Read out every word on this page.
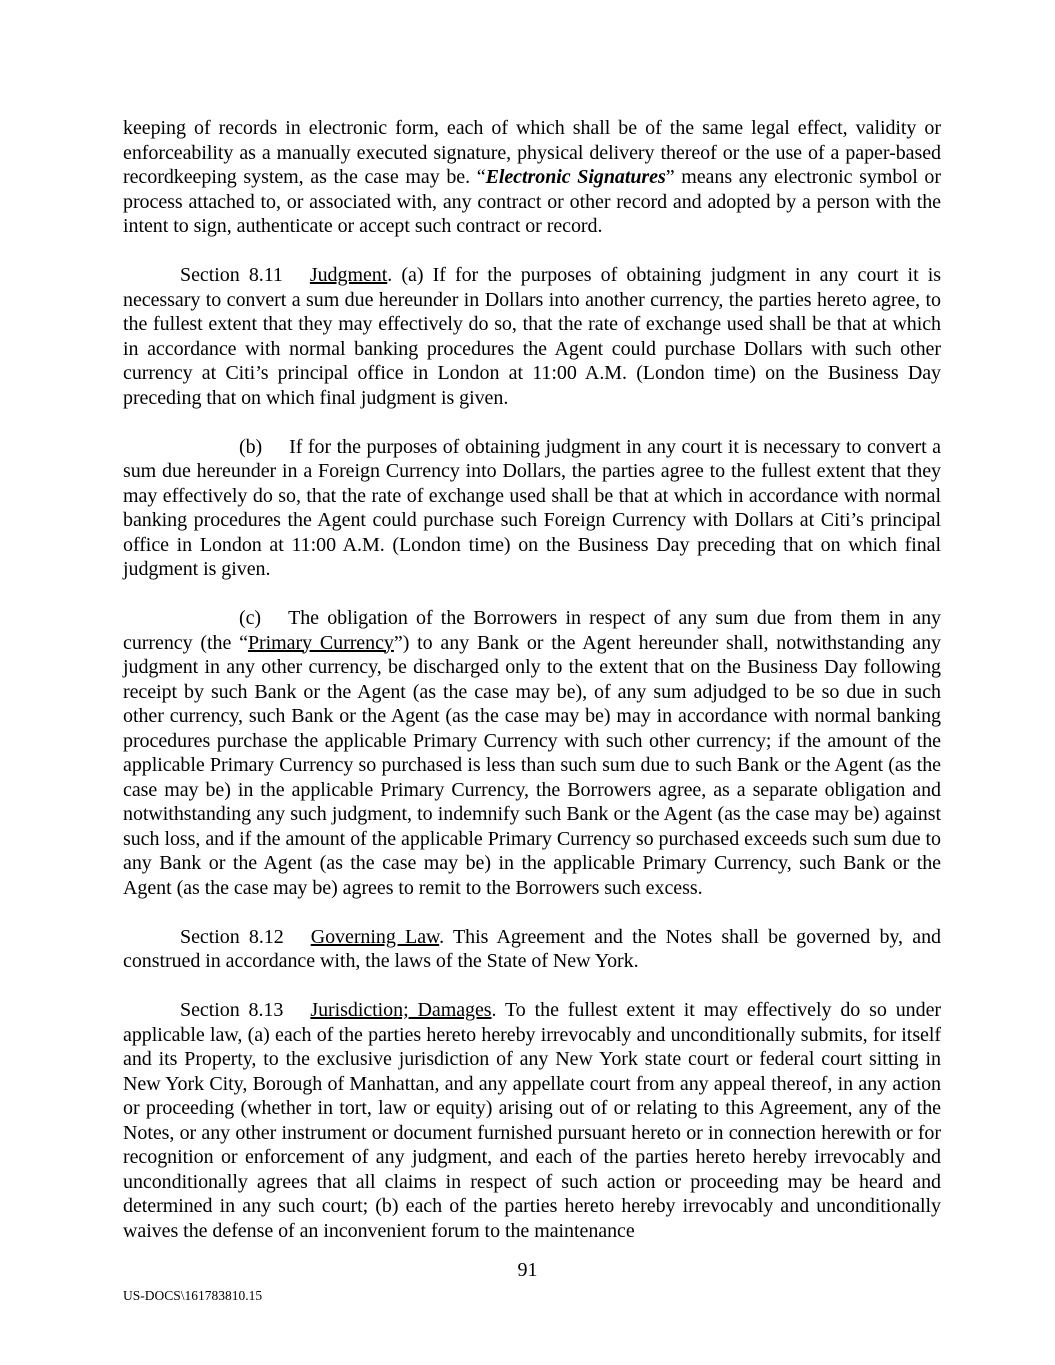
keeping of records in electronic form, each of which shall be of the same legal effect, validity or enforceability as a manually executed signature, physical delivery thereof or the use of a paper-based recordkeeping system, as the case may be. “Electronic Signatures” means any electronic symbol or process attached to, or associated with, any contract or other record and adopted by a person with the intent to sign, authenticate or accept such contract or record.

Section 8.11 Judgment. (a) If for the purposes of obtaining judgment in any court it is necessary to convert a sum due hereunder in Dollars into another currency, the parties hereto agree, to the fullest extent that they may effectively do so, that the rate of exchange used shall be that at which in accordance with normal banking procedures the Agent could purchase Dollars with such other currency at Citi’s principal office in London at 11:00 A.M. (London time) on the Business Day preceding that on which final judgment is given.

(b) If for the purposes of obtaining judgment in any court it is necessary to convert a sum due hereunder in a Foreign Currency into Dollars, the parties agree to the fullest extent that they may effectively do so, that the rate of exchange used shall be that at which in accordance with normal banking procedures the Agent could purchase such Foreign Currency with Dollars at Citi’s principal office in London at 11:00 A.M. (London time) on the Business Day preceding that on which final judgment is given.

(c) The obligation of the Borrowers in respect of any sum due from them in any currency (the “Primary Currency”) to any Bank or the Agent hereunder shall, notwithstanding any judgment in any other currency, be discharged only to the extent that on the Business Day following receipt by such Bank or the Agent (as the case may be), of any sum adjudged to be so due in such other currency, such Bank or the Agent (as the case may be) may in accordance with normal banking procedures purchase the applicable Primary Currency with such other currency; if the amount of the applicable Primary Currency so purchased is less than such sum due to such Bank or the Agent (as the case may be) in the applicable Primary Currency, the Borrowers agree, as a separate obligation and notwithstanding any such judgment, to indemnify such Bank or the Agent (as the case may be) against such loss, and if the amount of the applicable Primary Currency so purchased exceeds such sum due to any Bank or the Agent (as the case may be) in the applicable Primary Currency, such Bank or the Agent (as the case may be) agrees to remit to the Borrowers such excess.

Section 8.12 Governing Law. This Agreement and the Notes shall be governed by, and construed in accordance with, the laws of the State of New York.

Section 8.13 Jurisdiction; Damages. To the fullest extent it may effectively do so under applicable law, (a) each of the parties hereto hereby irrevocably and unconditionally submits, for itself and its Property, to the exclusive jurisdiction of any New York state court or federal court sitting in New York City, Borough of Manhattan, and any appellate court from any appeal thereof, in any action or proceeding (whether in tort, law or equity) arising out of or relating to this Agreement, any of the Notes, or any other instrument or document furnished pursuant hereto or in connection herewith or for recognition or enforcement of any judgment, and each of the parties hereto hereby irrevocably and unconditionally agrees that all claims in respect of such action or proceeding may be heard and determined in any such court; (b) each of the parties hereto hereby irrevocably and unconditionally waives the defense of an inconvenient forum to the maintenance

91
US-DOCS\161783810.15
